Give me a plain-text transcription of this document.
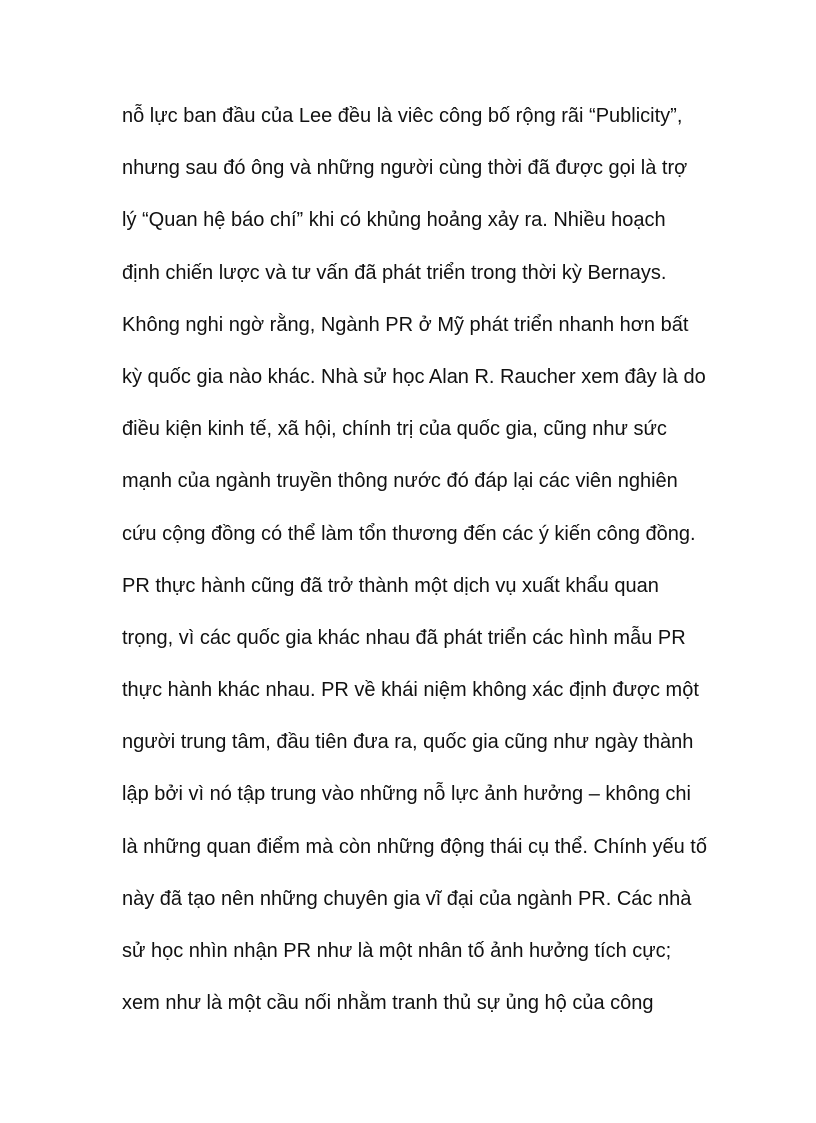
nỗ lực ban đầu của Lee đều là viêc công bố rộng rãi “Publicity”,
nhưng sau đó ông và những người cùng thời đã được gọi là trợ
lý “Quan hệ báo chí” khi có khủng hoảng xảy ra. Nhiều hoạch
định chiến lược và tư vấn đã phát triển trong thời kỳ Bernays.
Không nghi ngờ rằng, Ngành PR ở Mỹ phát triển nhanh hơn bất
kỳ quốc gia nào khác. Nhà sử học Alan R. Raucher xem đây là do
điều kiện kinh tế, xã hội, chính trị của quốc gia, cũng như sức
mạnh của ngành truyền thông nước đó đáp lại các viên nghiên
cứu cộng đồng có thể làm tổn thương đến các ý kiến công đồng.
PR thực hành cũng đã trở thành một dịch vụ xuất khẩu quan
trọng, vì các quốc gia khác nhau đã phát triển các hình mẫu PR
thực hành khác nhau. PR về khái niệm không xác định được một
người trung tâm, đầu tiên đưa ra, quốc gia cũng như ngày thành
lập bởi vì nó tập trung vào những nỗ lực ảnh hưởng – không chi
là những quan điểm mà còn những động thái cụ thể. Chính yếu tố
này đã tạo nên những chuyên gia vĩ đại của ngành PR. Các nhà
sử học nhìn nhận PR như là một nhân tố ảnh hưởng tích cực;
xem như là một cầu nối nhằm tranh thủ sự ủng hộ của công
